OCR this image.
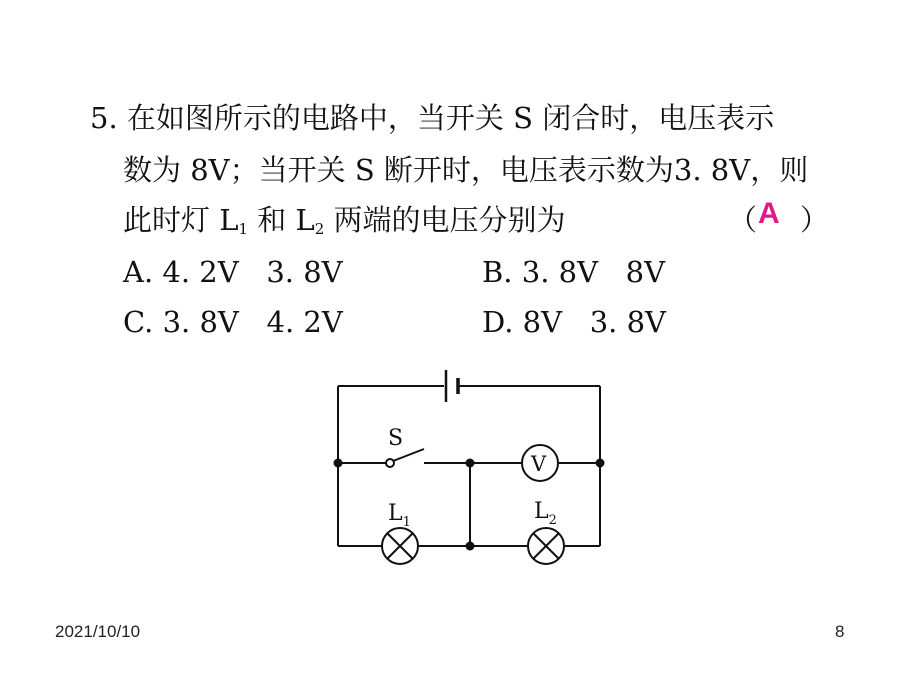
5. 在如图所示的电路中，当开关 S 闭合时，电压表示
数为 8V；当开关 S 断开时，电压表示数为3. 8V，则
此时灯 $L_1$ 和 $L_2$ 两端的电压分别为	（ A ）
A. 4. 2V   3. 8V	B. 3. 8V   8V
C. 3. 8V   4. 2V	D. 8V   3. 8V
S
V
$L_1$	$L_2$
2021/10/10	8
